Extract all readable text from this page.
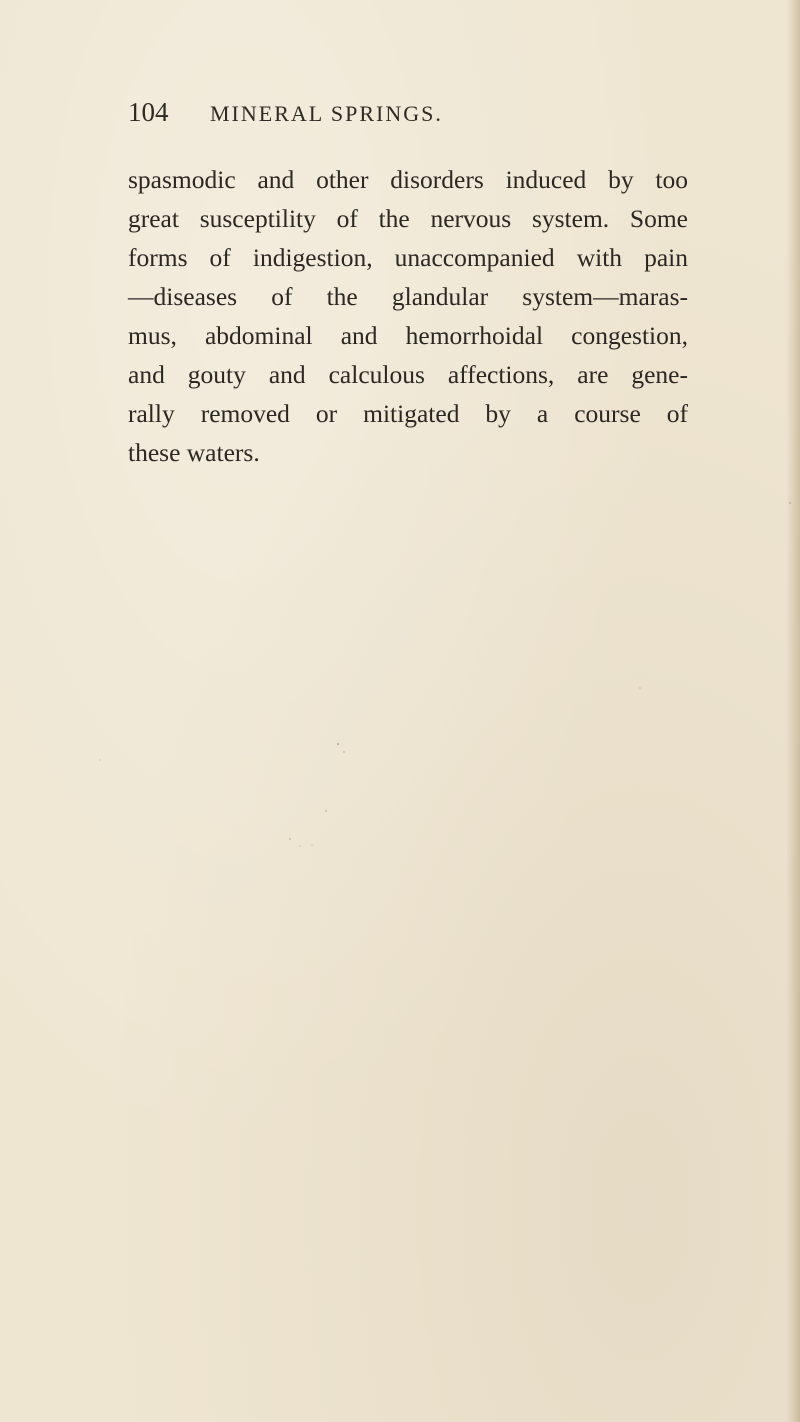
104 MINERAL SPRINGS.
spasmodic and other disorders induced by too
great susceptility of the nervous system. Some
forms of indigestion, unaccompanied with pain
—diseases of the glandular system—maras-
mus, abdominal and hemorrhoidal congestion,
and gouty and calculous affections, are gene-
rally removed or mitigated by a course of
these waters.
